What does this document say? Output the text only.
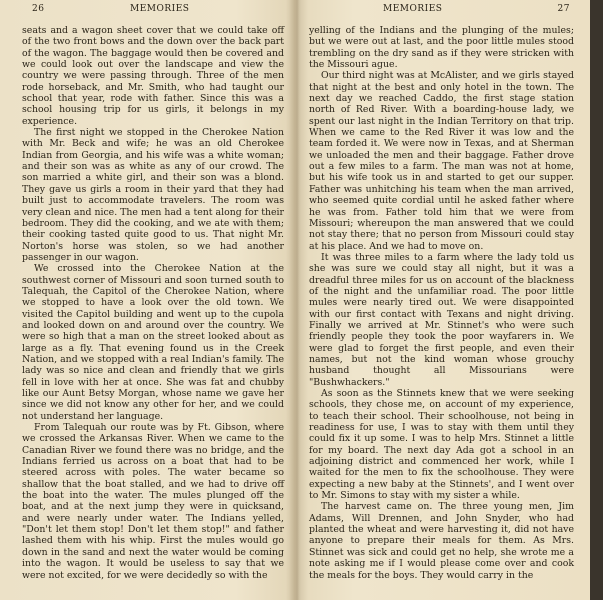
26	MEMORIES

seats and a wagon sheet cover that we could take off of the two front bows and the down over the back part of the wagon. The baggage would then be covered and we could look out over the landscape and view the country we were passing through. Three of the men rode horseback, and Mr. Smith, who had taught our school that year, rode with father. Since this was a school housing trip for us girls, it belongs in my experience.

The first night we stopped in the Cherokee Nation with Mr. Beck and wife; he was an old Cherokee Indian from Georgia, and his wife was a white woman; and their son was as white as any of our crowd. The son married a white girl, and their son was a blond. They gave us girls a room in their yard that they had built just to accommodate travelers. The room was very clean and nice. The men had a tent along for their bedroom. They did the cooking, and we ate with them; their cooking tasted quite good to us. That night Mr. Norton's horse was stolen, so we had another passenger in our wagon.

We crossed into the Cherokee Nation at the southwest corner of Missouri and soon turned south to Talequah, the Capitol of the Cherokee Nation, where we stopped to have a look over the old town. We visited the Capitol building and went up to the cupola and looked down on and around over the country. We were so high that a man on the street looked about as large as a fly. That evening found us in the Creek Nation, and we stopped with a real Indian's family. The lady was so nice and clean and friendly that we girls fell in love with her at once. She was fat and chubby like our Aunt Betsy Morgan, whose name we gave her since we did not know any other for her, and we could not understand her language.

From Talequah our route was by Ft. Gibson, where we crossed the Arkansas River. When we came to the Canadian River we found there was no bridge, and the Indians ferried us across on a boat that had to be steered across with poles. The water became so shallow that the boat stalled, and we had to drive off the boat into the water. The mules plunged off the boat, and at the next jump they were in quicksand, and were nearly under water. The Indians yelled, "Don't let them stop! Don't let them stop!" and father lashed them with his whip. First the mules would go down in the sand and next the water would be coming into the wagon. It would be useless to say that we were not excited, for we were decidedly so with the

MEMORIES	27

yelling of the Indians and the plunging of the mules; but we were out at last, and the poor little mules stood trembling on the dry sand as if they were stricken with the Missouri ague.

Our third night was at McAlister, and we girls stayed that night at the best and only hotel in the town. The next day we reached Caddo, the first stage station north of Red River. With a boarding-house lady, we spent our last night in the Indian Territory on that trip. When we came to the Red River it was low and the team forded it. We were now in Texas, and at Sherman we unloaded the men and their baggage. Father drove out a few miles to a farm. The man was not at home, but his wife took us in and started to get our supper. Father was unhitching his team when the man arrived, who seemed quite cordial until he asked father where he was from. Father told him that we were from Missouri; whereupon the man answered that we could not stay there; that no person from Missouri could stay at his place. And we had to move on.

It was three miles to a farm where the lady told us she was sure we could stay all night, but it was a dreadful three miles for us on account of the blackness of the night and the unfamiliar road. The poor little mules were nearly tired out. We were disappointed with our first contact with Texans and night driving. Finally we arrived at Mr. Stinnet's who were such friendly people they took the poor wayfarers in. We were glad to forget the first people, and even their names, but not the kind woman whose grouchy husband thought all Missourians were "Bushwhackers."

As soon as the Stinnets knew that we were seeking schools, they chose me, on account of my experience, to teach their school. Their schoolhouse, not being in readiness for use, I was to stay with them until they could fix it up some. I was to help Mrs. Stinnet a little for my board. The next day Ada got a school in an adjoining district and commenced her work, while I waited for the men to fix the schoolhouse. They were expecting a new baby at the Stinnets', and I went over to Mr. Simons to stay with my sister a while.

The harvest came on. The three young men, Jim Adams, Will Drennen, and John Snyder, who had planted the wheat and were harvesting it, did not have anyone to prepare their meals for them. As Mrs. Stinnet was sick and could get no help, she wrote me a note asking me if I would please come over and cook the meals for the boys. They would carry in the
